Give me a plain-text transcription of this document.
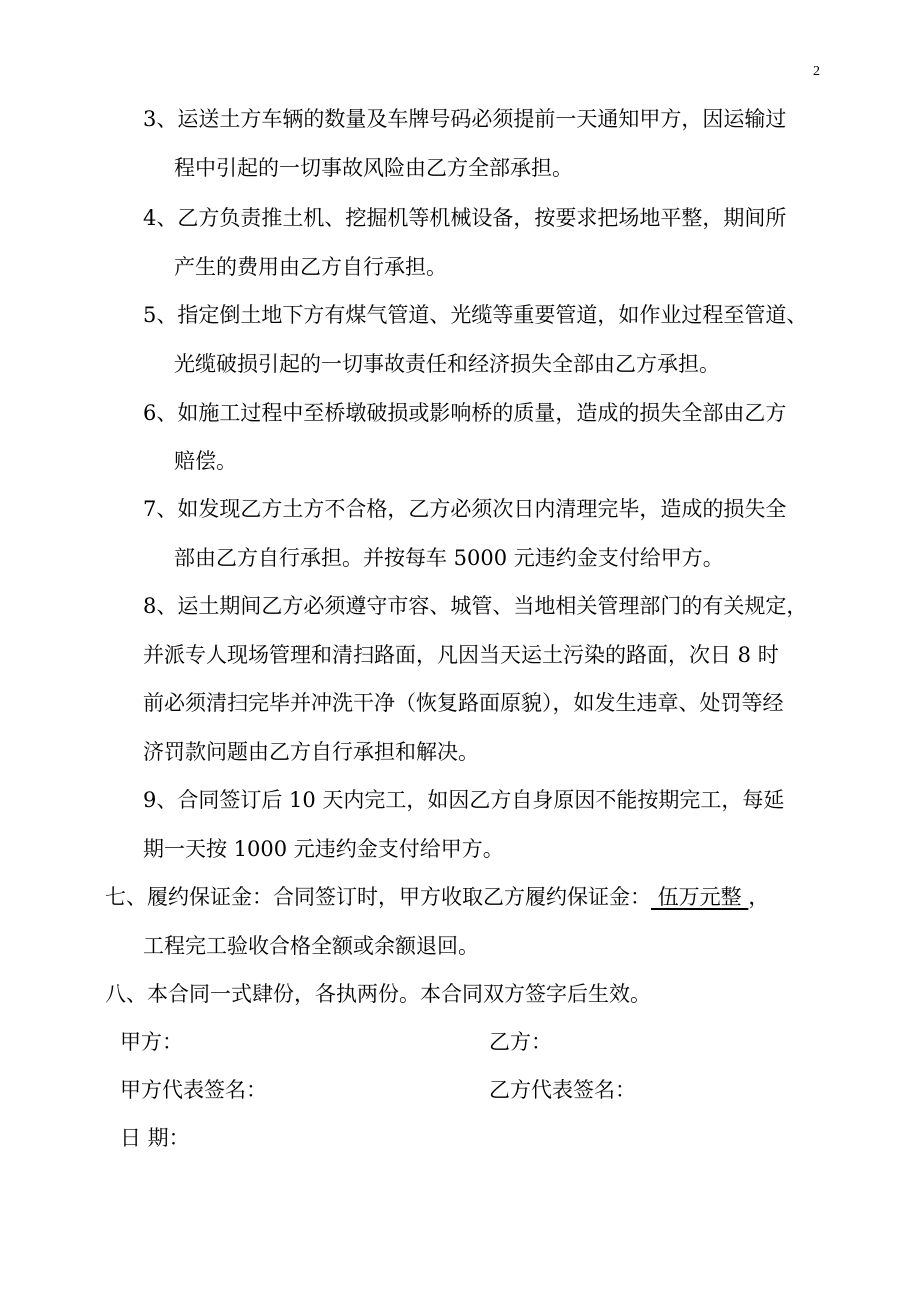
2
3、运送土方车辆的数量及车牌号码必须提前一天通知甲方，因运输过
程中引起的一切事故风险由乙方全部承担。
4、乙方负责推土机、挖掘机等机械设备，按要求把场地平整，期间所
产生的费用由乙方自行承担。
5、指定倒土地下方有煤气管道、光缆等重要管道，如作业过程至管道、
光缆破损引起的一切事故责任和经济损失全部由乙方承担。
6、如施工过程中至桥墩破损或影响桥的质量，造成的损失全部由乙方
赔偿。
7、如发现乙方土方不合格，乙方必须次日内清理完毕，造成的损失全
部由乙方自行承担。并按每车 5000 元违约金支付给甲方。
8、运土期间乙方必须遵守市容、城管、当地相关管理部门的有关规定，
并派专人现场管理和清扫路面，凡因当天运土污染的路面，次日 8 时
前必须清扫完毕并冲洗干净（恢复路面原貌），如发生违章、处罚等经
济罚款问题由乙方自行承担和解决。
9、合同签订后 10 天内完工，如因乙方自身原因不能按期完工，每延
期一天按 1000 元违约金支付给甲方。
七、履约保证金：合同签订时，甲方收取乙方履约保证金： 伍万元整 ，
工程完工验收合格全额或余额退回。
八、本合同一式肆份，各执两份。本合同双方签字后生效。
甲方：	乙方：
甲方代表签名：	乙方代表签名：
日 期：
